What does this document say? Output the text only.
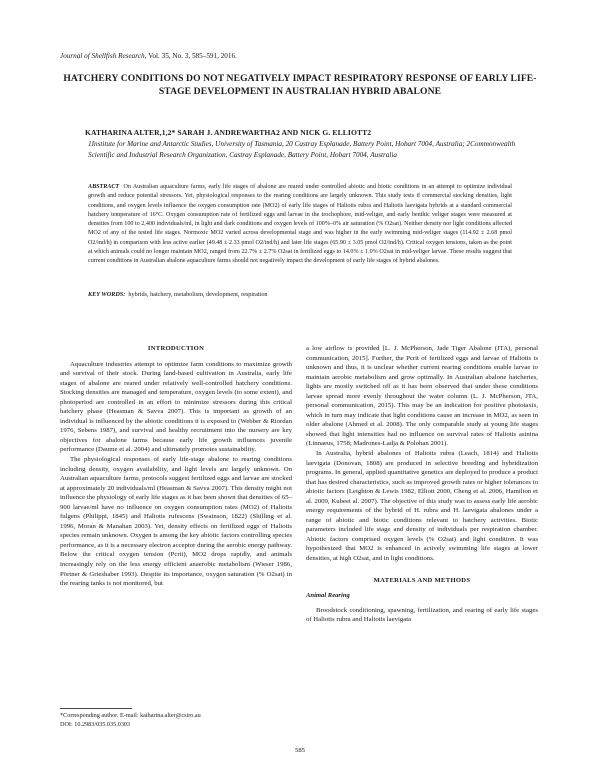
Journal of Shellfish Research, Vol. 35, No. 3, 585–591, 2016.
HATCHERY CONDITIONS DO NOT NEGATIVELY IMPACT RESPIRATORY RESPONSE OF EARLY LIFE-STAGE DEVELOPMENT IN AUSTRALIAN HYBRID ABALONE
KATHARINA ALTER,1,2* SARAH J. ANDREWARTHA2 AND NICK G. ELLIOTT2
1Institute for Marine and Antarctic Studies, University of Tasmania, 20 Castray Esplanade, Battery Point, Hobart 7004, Australia; 2Commonwealth Scientific and Industrial Research Organization, Castray Esplanade, Battery Point, Hobart 7004, Australia
ABSTRACT On Australian aquaculture farms, early life stages of abalone are reared under controlled abiotic and biotic conditions in an attempt to optimize individual growth and reduce potential stressors. Yet, physiological responses to the rearing conditions are largely unknown. This study tests if commercial stocking densities, light conditions, and oxygen levels influence the oxygen consumption rate (MO2) of early life stages of Haliotis rubra and Haliotis laevigata hybrids at a standard commercial hatchery temperature of 16°C. Oxygen consumption rate of fertilized eggs and larvae in the trochophore, mid-veliger, and early benthic veliger stages were measured at densities from 100 to 2,400 individuals/ml, in light and dark conditions and oxygen levels of 100%–0% air saturation (% O2sat). Neither density nor light conditions affected MO2 of any of the tested life stages. Normoxic MO2 varied across developmental stage and was higher in the early swimming mid-veliger stages (114.92 ± 2.68 pmol O2/ind/h) in comparison with less active earlier (49.48 ± 2.33 pmol O2/ind/h) and later life stages (65.90 ± 3.05 pmol O2/ind/h). Critical oxygen tensions, taken as the point at which animals could no longer maintain MO2, ranged from 22.7% ± 2.7% O2sat in fertilized eggs to 14.0% ± 1.0% O2sat in mid-veliger larvae. These results suggest that current conditions in Australian abalone aquaculture farms should not negatively impact the development of early life stages of hybrid abalones.
KEY WORDS: hybrids, hatchery, metabolism, development, respiration
INTRODUCTION

Aquaculture industries attempt to optimize farm conditions to maximize growth and survival of their stock. During land-based cultivation in Australia, early life stages of abalone are reared under relatively well-controlled hatchery conditions. Stocking densities are managed and temperature, oxygen levels (to some extent), and photoperiod are controlled in an effort to minimize stressors during this critical hatchery phase (Heasman & Savva 2007). This is important as growth of an individual is influenced by the abiotic conditions it is exposed to (Webber & Riordan 1976, Sebens 1987), and survival and healthy recruitment into the nursery are key objectives for abalone farms because early life growth influences juvenile performance (Daume et al. 2004) and ultimately promotes sustainability.

The physiological responses of early life-stage abalone to rearing conditions including density, oxygen availability, and light levels are largely unknown. On Australian aquaculture farms, protocols suggest fertilized eggs and larvae are stocked at approximately 20 individuals/ml (Heasman & Savva 2007). This density might not influence the physiology of early life stages as it has been shown that densities of 65–900 larvae/ml have no influence on oxygen consumption rates (MO2) of Haliotis fulgens (Philippi, 1845) and Haliotis rufescens (Swainson, 1822) (Shilling et al. 1996, Moran & Manahan 2003). Yet, density effects on fertilized eggs of Haliotis species remain unknown. Oxygen is among the key abiotic factors controlling species performance, as it is a necessary electron acceptor during the aerobic energy pathway. Below the critical oxygen tension (Pcrit), MO2 drops rapidly, and animals increasingly rely on the less energy efficient anaerobic metabolism (Wieser 1986, Pörtner & Grieshaber 1993). Despite its importance, oxygen saturation (% O2sat) in the rearing tanks is not monitored, but

a low airflow is provided [L. J. McPherson, Jade Tiger Abalone (JTA), personal communication, 2015]. Further, the Pcrit of fertilized eggs and larvae of Haliotis is unknown and thus, it is unclear whether current rearing conditions enable larvae to maintain aerobic metabolism and grow optimally. In Australian abalone hatcheries, lights are mostly switched off as it has been observed that under these conditions larvae spread more evenly throughout the water column (L. J. McPherson, JTA, personal communication, 2015). This may be an indication for positive phototaxis, which in turn may indicate that light conditions cause an increase in MO2, as seen in older abalone (Ahmed et al. 2008). The only comparable study at young life stages showed that light intensities had no influence on survival rates of Haliotis asinina (Linnaeus, 1758; Madrones-Ladja & Polohan 2001).

In Australia, hybrid abalones of Haliotis rubra (Leach, 1814) and Haliotis laevigata (Donovan, 1808) are produced in selective breeding and hybridization programs. In general, applied quantitative genetics are deployed to produce a product that has desired characteristics, such as improved growth rates or higher tolerances to abiotic factors (Leighton & Lewis 1982, Elliott 2000, Cheng et al. 2006, Hamilton et al. 2009, Kubeet al. 2007). The objective of this study was to assess early life aerobic energy requirements of the hybrid of H. rubra and H. laevigata abalones under a range of abiotic and biotic conditions relevant to hatchery activities. Biotic parameters included life stage and density of individuals per respiration chamber. Abiotic factors comprised oxygen levels (% O2sat) and light condition. It was hypothesized that MO2 is enhanced in actively swimming life stages at lower densities, at high O2sat, and in light conditions.

MATERIALS AND METHODS
Animal Rearing

Broodstock conditioning, spawning, fertilization, and rearing of early life stages of Haliotis rubra and Haliotis laevigata

*Corresponding author. E-mail: katharina.alter@csiro.au
DOI: 10.2983/035.035.0303
585
